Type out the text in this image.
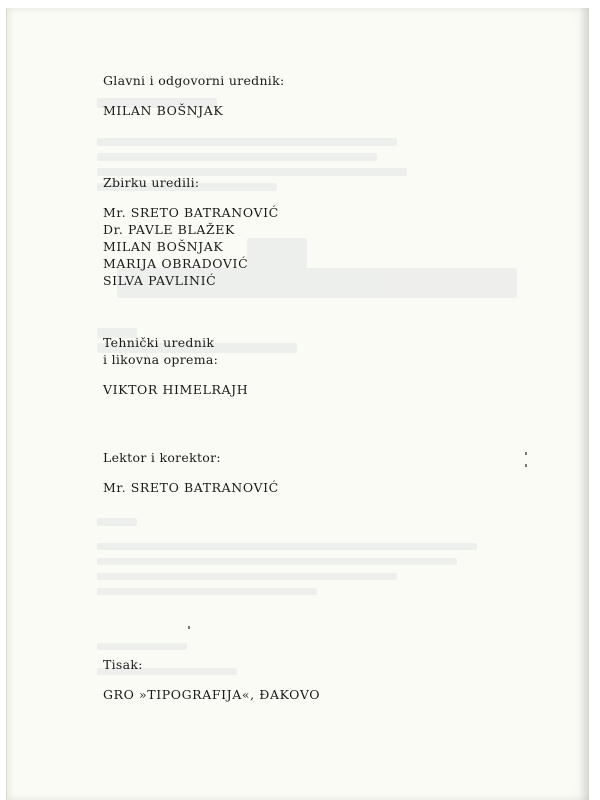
Glavni i odgovorni urednik:
MILAN BOŠNJAK
Zbirku uredili:
Mr. SRETO BATRANOVIĆ
Dr. PAVLE BLAŽEK
MILAN BOŠNJAK
MARIJA OBRADOVIĆ
SILVA PAVLINIĆ
Tehnički urednik
i likovna oprema:
VIKTOR HIMELRAJH
Lektor i korektor:
Mr. SRETO BATRANOVIĆ
Tisak:
GRO »TIPOGRAFIJA«, ĐAKOVO
